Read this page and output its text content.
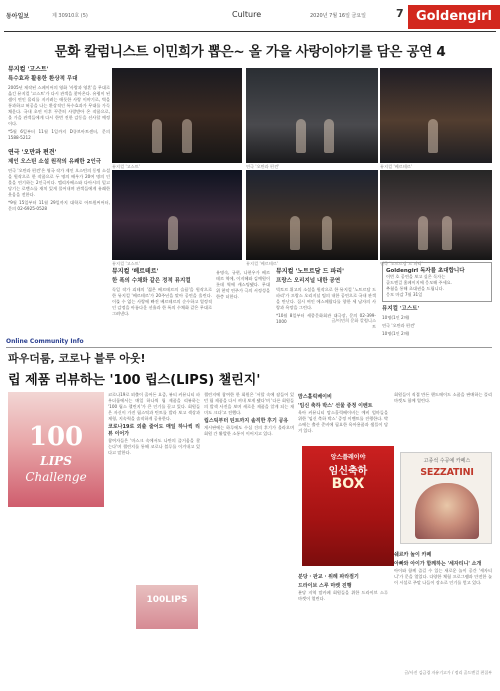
동아일보	제 30910호 (5)	Culture	2020년 7월 16일 금요일	7 Goldengirl
문화 칼럼니스트 이민희가 뽑은~ 올 가을 사랑이야기를 담은 공연 4
뮤지컬 '고스트'
특수효과 활용한 환상적 무대
2005년 제작된 스페이어의 영화 '사랑과 영혼'을 무대로 옮긴 뮤지컬 '고스트'가 다시 관객을 찾아온다. 유령이 된 샘이 연인 몰리를 지키려는 애틋한 사랑 이야기로, 벽을 통과하고 허공을 나는 환상적인 특수효과가 무대를 가득 채운다. 국내 초연 이후 꾸준히 사랑받아 온 작품으로, 올 가을 관객들에게 다시 한번 진한 감동을 선사할 예정이다.
*5월 6일부터 11월 1일까지 D큐브아트센터, 문의 1588-5212
연극 '오만과 편견'
제인 오스틴 소설 원작의 유쾌한 2인극
연극 '오만과 편견'은 영국 작가 제인 오스틴의 동명 소설을 원작으로 한 작품으로 두 명의 배우가 20여 명의 인물을 연기하는 2인극이다. 엘리자베스와 다아시의 밀고 당기는 로맨스를 재치 있게 풀어내며 관객들에게 유쾌한 웃음을 전한다.
*9월 15일부터 11월 29일까지 대학로 아트원씨어터, 문의 02-6925-0528
뮤지컬 '고스트'	연극 '오만과 편견'	뮤지컬 '베르테르'
뮤지컬 '고스트'	뮤지컬 '베르테르'	연극 '노트르담 드 파리'
뮤지컬 '베르테르'
한 폭의 수채화 같은 정적 뮤지컬
독일 작가 괴테의 '젊은 베르테르의 슬픔'을 원작으로 한 뮤지컬 '베르테르'가 20주년을 맞아 공연을 올린다. 이룰 수 없는 사랑에 빠진 베르테르의 순수하고 열정적인 감정을 아름다운 선율과 한 폭의 수채화 같은 무대로 그려낸다.
유명숙, 규현, 나현우가 베르테르 역에, 이지혜와 김예원이 롯데 역에 캐스팅됐다. 무대 위 현악 연주가 극의 서정성을 한층 더한다.
뮤지컬 '노트르담 드 파리'
프랑스 오리지널 내한 공연
빅토르 위고의 소설을 원작으로 한 뮤지컬 '노트르담 드 파리'가 프랑스 오리지널 팀의 내한 공연으로 국내 관객을 만난다. 집시 여인 에스메랄다를 향한 세 남자의 사랑과 욕망을 그린다.
*10월 8일부터 세종문화회관 대극장, 문의 02-399-1000	글/이민희 문화 칼럼니스트
Goldengirl 독자를 초대합니다
이번 호 공연을 보고 싶은 독자는
골드엔걸 홈페이지에 응모해 주세요.
추첨을 통해 초대권을 드립니다.
응모 마감 7월 31일
뮤지컬 '고스트'
10명(1인 2매)
연극 '오만과 편견'
10명(1인 2매)
Online Community Info
파우더룸, 코로나 블루 아웃!
립 제품 리뷰하는 '100 립스(LIPS) 챌린지'
100
LIPS
Challenge
코로나19로 외출이 줄어든 요즘, 뷰티 커뮤니티 파우더룸에서는 매일 하나씩 립 제품을 리뷰하는 '100 립스 챌린지'가 큰 인기를 끌고 있다. 회원들은 자신이 가진 립스틱과 틴트를 발라 보고 색상과 제형, 지속력을 솔직하게 공유한다.
코로나19로 외출 줄어도 매일 하나씩 리뷰 이어가
참여자들은 '마스크 속에서도 나만의 즐거움을 찾는다'며 챌린지를 통해 코로나 블루를 이겨내고 있다고 말한다.
100LIPS
챌린지에 참여한 한 회원은 '서랍 속에 잠들어 있던 립 제품을 다시 꺼내 보게 됐다'며 '다른 회원들의 발색 사진을 보며 새로운 제품을 알게 되는 재미도 크다'고 전했다.
립스틱부터 틴트까지 솔직한 후기 공유
게시판에는 하루에도 수십 건의 후기가 올라오며 회원 간 활발한 소통이 이어지고 있다.
맘스홀릭베이비
'임신 축하 박스' 선물 증정 이벤트
육아 커뮤니티 맘스홀릭베이비는 예비 엄마들을 위한 '임신 축하 박스' 증정 이벤트를 진행한다. 박스에는 출산 준비에 필요한 육아용품과 샘플이 담겨 있다.
앙스플레이야
임신축하
BOX
분당 · 판교 · 위례 파라점기
드라이브 스루 마켓 진행
분당 지역 맘카페 회원들을 위한 드라이브 스루 마켓이 열린다.
회원들이 직접 만든 핸드메이드 소품을 판매하는 플리마켓도 함께 열린다.
고종석 수공예 카페스
SEZZATINI
쉐르카 놀이 카페
아빠와 아이가 함께하는 '세자티니' 소개
아이와 함께 즐길 수 있는 새로운 놀이 공간 '세자티니'가 문을 열었다. 다양한 체험 프로그램과 안전한 놀이 시설로 주말 나들이 장소로 인기를 얻고 있다.
글/사진 김금경 자유기고가 / 정리 골드엔걸 편집부
